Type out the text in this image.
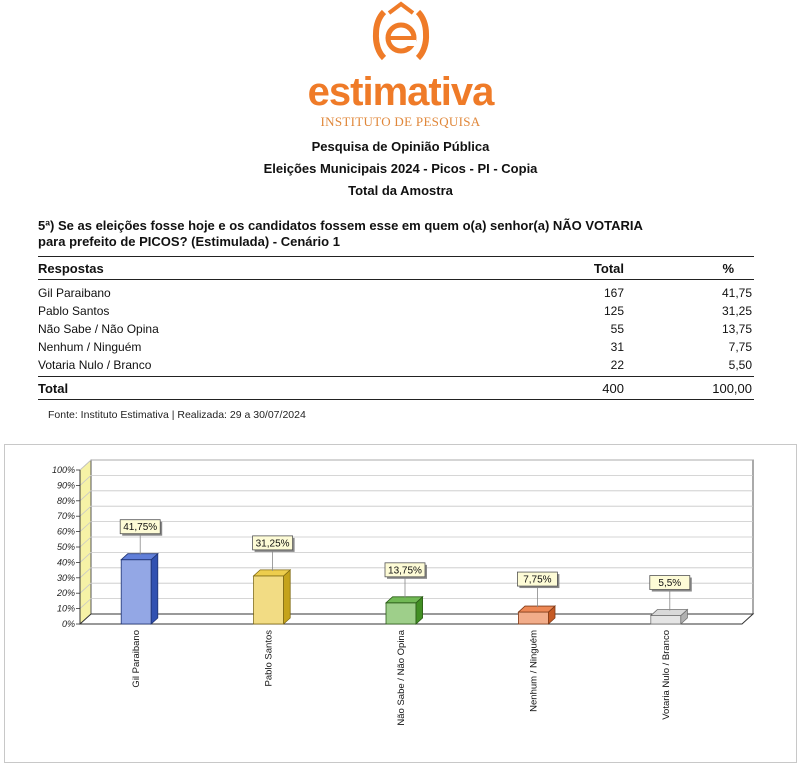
estimativa
INSTITUTO DE PESQUISA
Pesquisa de Opinião Pública
Eleições Municipais 2024 - Picos - PI - Copia
Total da Amostra
5ª) Se as eleições fosse hoje e os candidatos fossem esse em quem o(a) senhor(a) NÃO VOTARIA
para prefeito de PICOS? (Estimulada) - Cenário 1
Respostas	Total	%
Gil Paraibano	167	41,75
Pablo Santos	125	31,25
Não Sabe / Não Opina	55	13,75
Nenhum / Ninguém	31	7,75
Votaria Nulo / Branco	22	5,50
Total	400	100,00
Fonte: Instituto Estimativa | Realizada: 29 a 30/07/2024
0%
10%
20%
30%
40%
50%
60%
70%
80%
90%
100%
41,75%
Gil Paraibano
31,25%
Pablo Santos
13,75%
Não Sabe / Não Opina
7,75%
Nenhum / Ninguém
5,5%
Votaria Nulo / Branco
